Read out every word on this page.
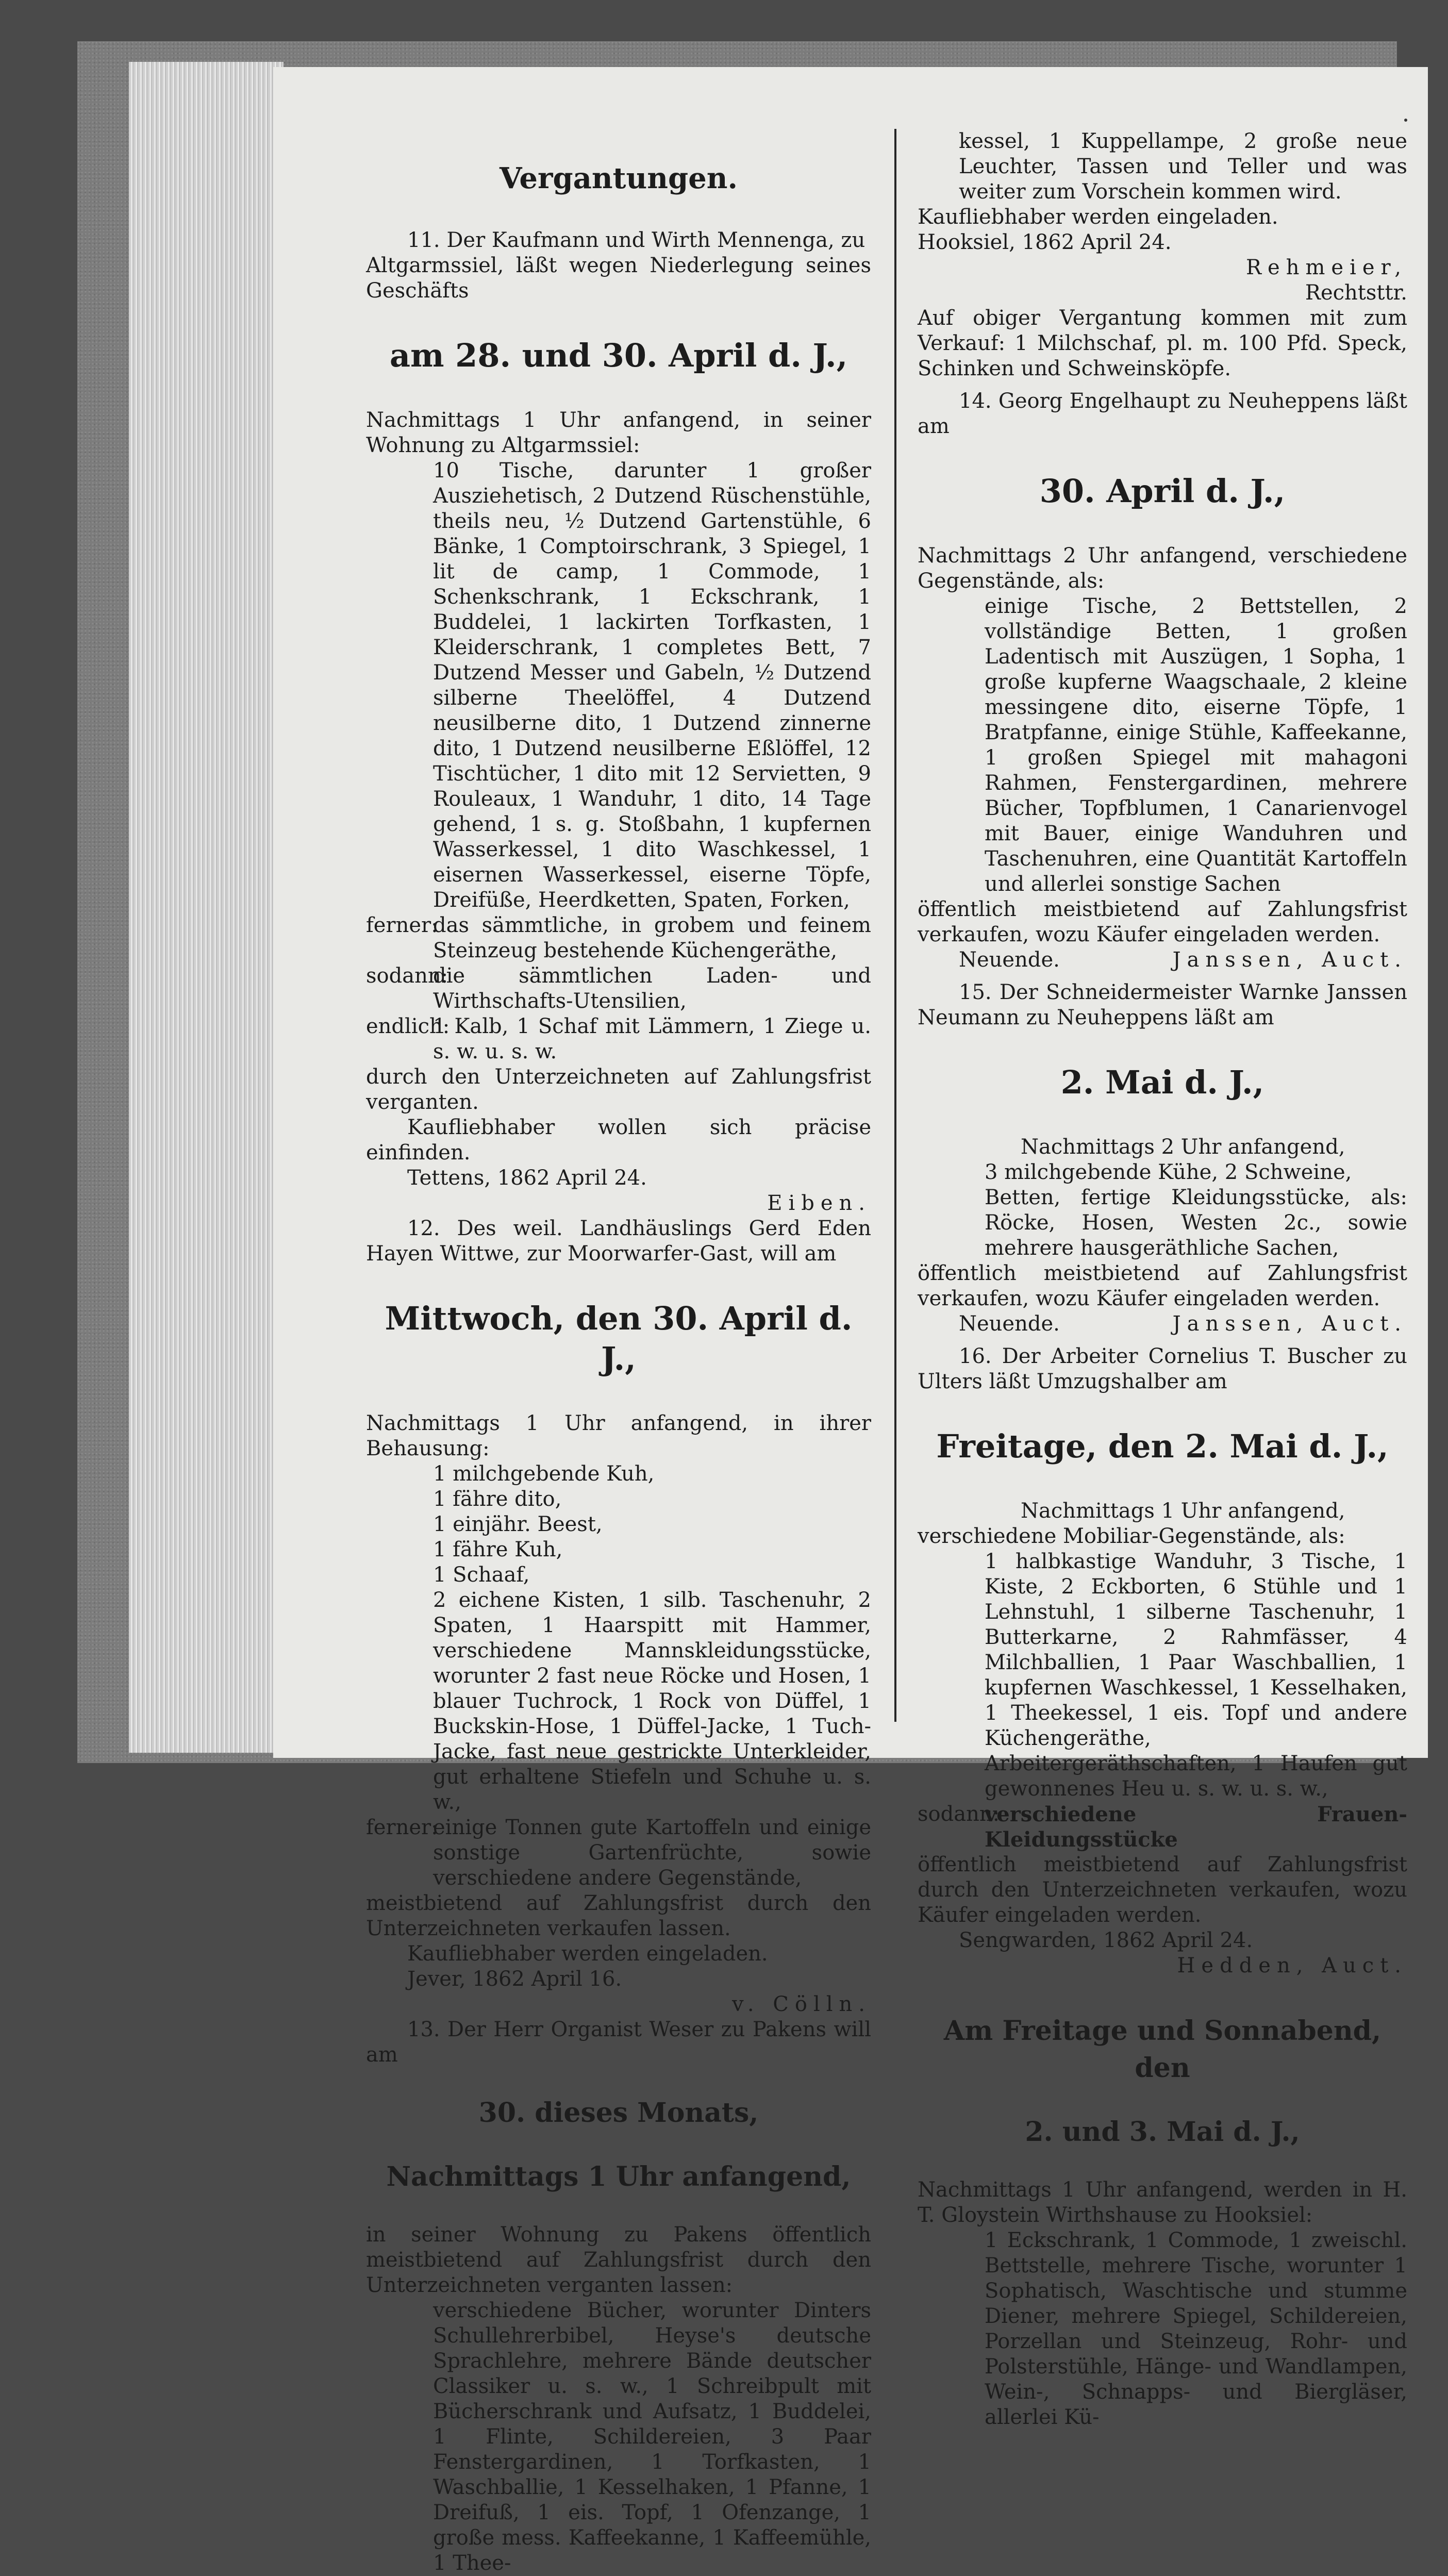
Vergantungen.

11. Der Kaufmann und Wirth Mennenga, zu

Altgarmssiel, läßt wegen Niederlegung seines Geschäfts

am 28. und 30. April d. J.,

Nachmittags 1 Uhr anfangend, in seiner Wohnung zu Altgarmssiel:

10 Tische, darunter 1 großer Ausziehetisch, 2 Dutzend Rüschenstühle, theils neu, ½ Dutzend Gartenstühle, 6 Bänke, 1 Comptoirschrank, 3 Spiegel, 1 lit de camp, 1 Commode, 1 Schenkschrank, 1 Eckschrank, 1 Buddelei, 1 lackirten Torfkasten, 1 Kleiderschrank, 1 completes Bett, 7 Dutzend Messer und Gabeln, ½ Dutzend silberne Theelöffel, 4 Dutzend neusilberne dito, 1 Dutzend zinnerne dito, 1 Dutzend neusilberne Eßlöffel, 12 Tischtücher, 1 dito mit 12 Servietten, 9 Rouleaux, 1 Wanduhr, 1 dito, 14 Tage gehend, 1 s. g. Stoßbahn, 1 kupfernen Wasserkessel, 1 dito Waschkessel, 1 eisernen Wasserkessel, eiserne Töpfe, Dreifüße, Heerdketten, Spaten, Forken,

ferner:
das sämmtliche, in grobem und feinem Steinzeug bestehende Küchengeräthe,
sodann:
die sämmtlichen Laden- und Wirthschafts-Utensilien,
endlich:
1 Kalb, 1 Schaf mit Lämmern, 1 Ziege u. s. w. u. s. w.

durch den Unterzeichneten auf Zahlungsfrist verganten.

Kaufliebhaber wollen sich präcise einfinden.

Tettens, 1862 April 24.

Eiben.

12. Des weil. Landhäuslings Gerd Eden Hayen Wittwe, zur Moorwarfer-Gast, will am

Mittwoch, den 30. April d. J.,

Nachmittags 1 Uhr anfangend, in ihrer Behausung:

1 milchgebende Kuh,

1 fähre dito,

1 einjähr. Beest,

1 fähre Kuh,

1 Schaaf,

2 eichene Kisten, 1 silb. Taschenuhr, 2 Spaten, 1 Haarspitt mit Hammer, verschiedene Mannskleidungsstücke, worunter 2 fast neue Röcke und Hosen, 1 blauer Tuchrock, 1 Rock von Düffel, 1 Buckskin-Hose, 1 Düffel-Jacke, 1 Tuch-Jacke, fast neue gestrickte Unterkleider, gut erhaltene Stiefeln und Schuhe u. s. w.,

ferner:
einige Tonnen gute Kartoffeln und einige sonstige Gartenfrüchte, sowie verschiedene andere Gegenstände,

meistbietend auf Zahlungsfrist durch den Unterzeichneten verkaufen lassen.

Kaufliebhaber werden eingeladen.

Jever, 1862 April 16.

v. Cölln.

13. Der Herr Organist Weser zu Pakens will am

30. dieses Monats,

Nachmittags 1 Uhr anfangend,

in seiner Wohnung zu Pakens öffentlich meistbietend auf Zahlungsfrist durch den Unterzeichneten verganten lassen:

verschiedene Bücher, worunter Dinters Schullehrerbibel, Heyse's deutsche Sprachlehre, mehrere Bände deutscher Classiker u. s. w., 1 Schreibpult mit Bücherschrank und Aufsatz, 1 Buddelei, 1 Flinte, Schildereien, 3 Paar Fenstergardinen, 1 Torfkasten, 1 Waschballie, 1 Kesselhaken, 1 Pfanne, 1 Dreifuß, 1 eis. Topf, 1 Ofenzange, 1 große mess. Kaffeekanne, 1 Kaffeemühle, 1 Thee-

kessel, 1 Kuppellampe, 2 große neue Leuchter, Tassen und Teller und was weiter zum Vorschein kommen wird.

Kaufliebhaber werden eingeladen.

Hooksiel, 1862 April 24.

Rehmeier,

Rechtsttr.

Auf obiger Vergantung kommen mit zum Verkauf: 1 Milchschaf, pl. m. 100 Pfd. Speck, Schinken und Schweinsköpfe.

14. Georg Engelhaupt zu Neuheppens läßt am

30. April d. J.,

Nachmittags 2 Uhr anfangend, verschiedene Gegenstände, als:

einige Tische, 2 Bettstellen, 2 vollständige Betten, 1 großen Ladentisch mit Auszügen, 1 Sopha, 1 große kupferne Waagschaale, 2 kleine messingene dito, eiserne Töpfe, 1 Bratpfanne, einige Stühle, Kaffeekanne, 1 großen Spiegel mit mahagoni Rahmen, Fenstergardinen, mehrere Bücher, Topfblumen, 1 Canarienvogel mit Bauer, einige Wanduhren und Taschenuhren, eine Quantität Kartoffeln und allerlei sonstige Sachen

öffentlich meistbietend auf Zahlungsfrist verkaufen, wozu Käufer eingeladen werden.

Neuende.	Janssen, Auct.

15. Der Schneidermeister Warnke Janssen Neumann zu Neuheppens läßt am

2. Mai d. J.,

Nachmittags 2 Uhr anfangend,

3 milchgebende Kühe, 2 Schweine,

Betten, fertige Kleidungsstücke, als: Röcke, Hosen, Westen 2c., sowie mehrere hausgeräthliche Sachen,

öffentlich meistbietend auf Zahlungsfrist verkaufen, wozu Käufer eingeladen werden.

Neuende.	Janssen, Auct.

16. Der Arbeiter Cornelius T. Buscher zu Ulters läßt Umzugshalber am

Freitage, den 2. Mai d. J.,

Nachmittags 1 Uhr anfangend,

verschiedene Mobiliar-Gegenstände, als:

1 halbkastige Wanduhr, 3 Tische, 1 Kiste, 2 Eckborten, 6 Stühle und 1 Lehnstuhl, 1 silberne Taschenuhr, 1 Butterkarne, 2 Rahmfässer, 4 Milchballien, 1 Paar Waschballien, 1 kupfernen Waschkessel, 1 Kesselhaken, 1 Theekessel, 1 eis. Topf und andere Küchengeräthe, Arbeitergeräthschaften, 1 Haufen gut gewonnenes Heu u. s. w. u. s. w.,

sodann:
verschiedene Frauen-Kleidungsstücke

öffentlich meistbietend auf Zahlungsfrist durch den Unterzeichneten verkaufen, wozu Käufer eingeladen werden.

Sengwarden, 1862 April 24.

Hedden, Auct.

Am Freitage und Sonnabend, den

2. und 3. Mai d. J.,

Nachmittags 1 Uhr anfangend, werden in H. T. Gloystein Wirthshause zu Hooksiel:

1 Eckschrank, 1 Commode, 1 zweischl. Bettstelle, mehrere Tische, worunter 1 Sophatisch, Waschtische und stumme Diener, mehrere Spiegel, Schildereien, Porzellan und Steinzeug, Rohr- und Polsterstühle, Hänge- und Wandlampen, Wein-, Schnapps- und Biergläser, allerlei Kü-
